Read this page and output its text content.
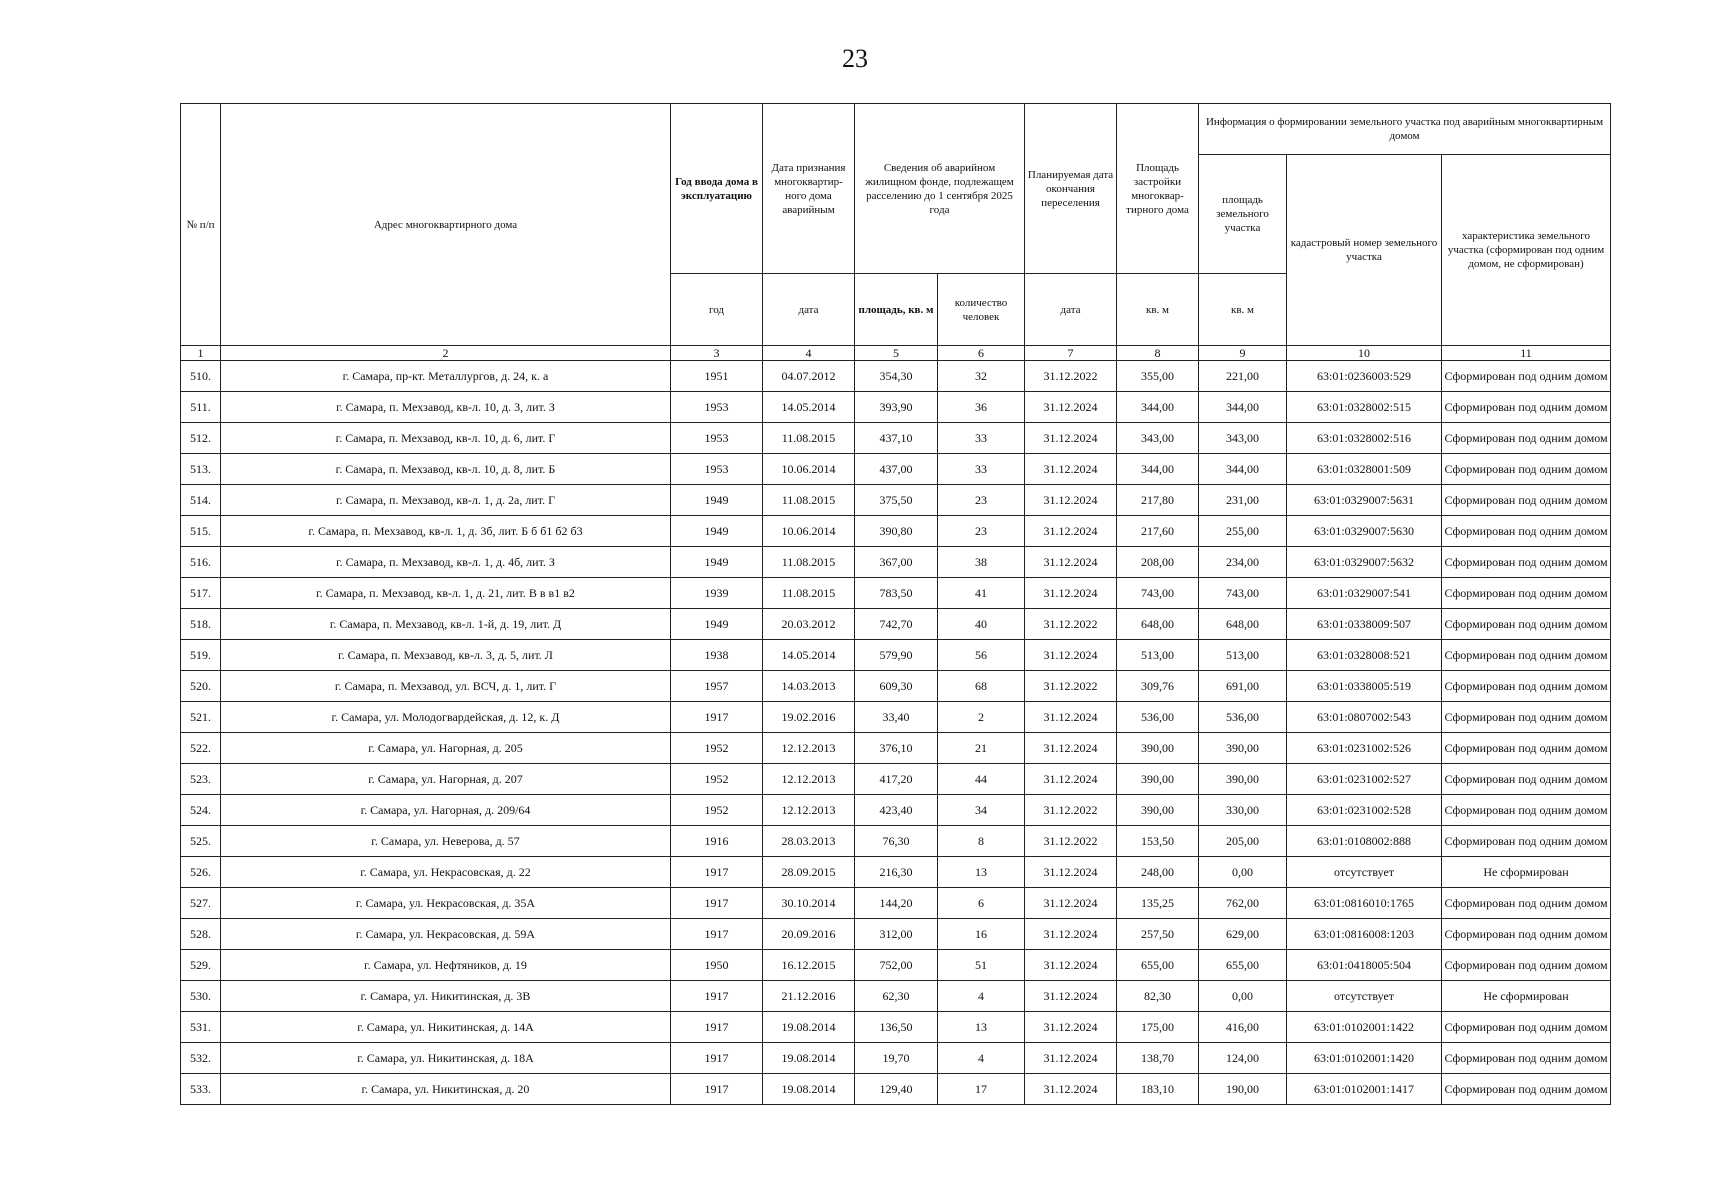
23
№ п/п	Адрес многоквартирного дома	Год ввода дома в эксплуатацию	Дата признания многоквартир-ного дома аварийным	Сведения об аварийном жилищном фонде, подлежащем расселению до 1 сентября 2025 года		Планируемая дата окончания переселения	Площадь застройки многоквар-тирного дома	Информация о формировании земельного участка под аварийным многоквартирным домом		
								площадь земельного участка	кадастровый номер земельного участка	характеристика земельного участка (сформирован под одним домом, не сформирован)
		год	дата	площадь, кв. м	количество человек	дата	кв. м	кв. м		
1	2	3	4	5	6	7	8	9	10	11
510.	г. Самара, пр-кт. Металлургов, д. 24, к. а	1951	04.07.2012	354,30	32	31.12.2022	355,00	221,00	63:01:0236003:529	Сформирован под одним домом
511.	г. Самара, п. Мехзавод, кв-л. 10, д. 3, лит. З	1953	14.05.2014	393,90	36	31.12.2024	344,00	344,00	63:01:0328002:515	Сформирован под одним домом
512.	г. Самара, п. Мехзавод, кв-л. 10, д. 6, лит. Г	1953	11.08.2015	437,10	33	31.12.2024	343,00	343,00	63:01:0328002:516	Сформирован под одним домом
513.	г. Самара, п. Мехзавод, кв-л. 10, д. 8, лит. Б	1953	10.06.2014	437,00	33	31.12.2024	344,00	344,00	63:01:0328001:509	Сформирован под одним домом
514.	г. Самара, п. Мехзавод, кв-л. 1, д. 2а, лит. Г	1949	11.08.2015	375,50	23	31.12.2024	217,80	231,00	63:01:0329007:5631	Сформирован под одним домом
515.	г. Самара, п. Мехзавод, кв-л. 1, д. 3б, лит. Б б б1 б2 б3	1949	10.06.2014	390,80	23	31.12.2024	217,60	255,00	63:01:0329007:5630	Сформирован под одним домом
516.	г. Самара, п. Мехзавод, кв-л. 1, д. 4б, лит. З	1949	11.08.2015	367,00	38	31.12.2024	208,00	234,00	63:01:0329007:5632	Сформирован под одним домом
517.	г. Самара, п. Мехзавод, кв-л. 1, д. 21, лит. В в в1 в2	1939	11.08.2015	783,50	41	31.12.2024	743,00	743,00	63:01:0329007:541	Сформирован под одним домом
518.	г. Самара, п. Мехзавод, кв-л. 1-й, д. 19, лит. Д	1949	20.03.2012	742,70	40	31.12.2022	648,00	648,00	63:01:0338009:507	Сформирован под одним домом
519.	г. Самара, п. Мехзавод, кв-л. 3, д. 5, лит. Л	1938	14.05.2014	579,90	56	31.12.2024	513,00	513,00	63:01:0328008:521	Сформирован под одним домом
520.	г. Самара, п. Мехзавод, ул. ВСЧ, д. 1, лит. Г	1957	14.03.2013	609,30	68	31.12.2022	309,76	691,00	63:01:0338005:519	Сформирован под одним домом
521.	г. Самара, ул. Молодогвардейская, д. 12, к. Д	1917	19.02.2016	33,40	2	31.12.2024	536,00	536,00	63:01:0807002:543	Сформирован под одним домом
522.	г. Самара, ул. Нагорная, д. 205	1952	12.12.2013	376,10	21	31.12.2024	390,00	390,00	63:01:0231002:526	Сформирован под одним домом
523.	г. Самара, ул. Нагорная, д. 207	1952	12.12.2013	417,20	44	31.12.2024	390,00	390,00	63:01:0231002:527	Сформирован под одним домом
524.	г. Самара, ул. Нагорная, д. 209/64	1952	12.12.2013	423,40	34	31.12.2022	390,00	330,00	63:01:0231002:528	Сформирован под одним домом
525.	г. Самара, ул. Неверова, д. 57	1916	28.03.2013	76,30	8	31.12.2022	153,50	205,00	63:01:0108002:888	Сформирован под одним домом
526.	г. Самара, ул. Некрасовская, д. 22	1917	28.09.2015	216,30	13	31.12.2024	248,00	0,00	отсутствует	Не сформирован
527.	г. Самара, ул. Некрасовская, д. 35А	1917	30.10.2014	144,20	6	31.12.2024	135,25	762,00	63:01:0816010:1765	Сформирован под одним домом
528.	г. Самара, ул. Некрасовская, д. 59А	1917	20.09.2016	312,00	16	31.12.2024	257,50	629,00	63:01:0816008:1203	Сформирован под одним домом
529.	г. Самара, ул. Нефтяников, д. 19	1950	16.12.2015	752,00	51	31.12.2024	655,00	655,00	63:01:0418005:504	Сформирован под одним домом
530.	г. Самара, ул. Никитинская, д. 3В	1917	21.12.2016	62,30	4	31.12.2024	82,30	0,00	отсутствует	Не сформирован
531.	г. Самара, ул. Никитинская, д. 14А	1917	19.08.2014	136,50	13	31.12.2024	175,00	416,00	63:01:0102001:1422	Сформирован под одним домом
532.	г. Самара, ул. Никитинская, д. 18А	1917	19.08.2014	19,70	4	31.12.2024	138,70	124,00	63:01:0102001:1420	Сформирован под одним домом
533.	г. Самара, ул. Никитинская, д. 20	1917	19.08.2014	129,40	17	31.12.2024	183,10	190,00	63:01:0102001:1417	Сформирован под одним домом
